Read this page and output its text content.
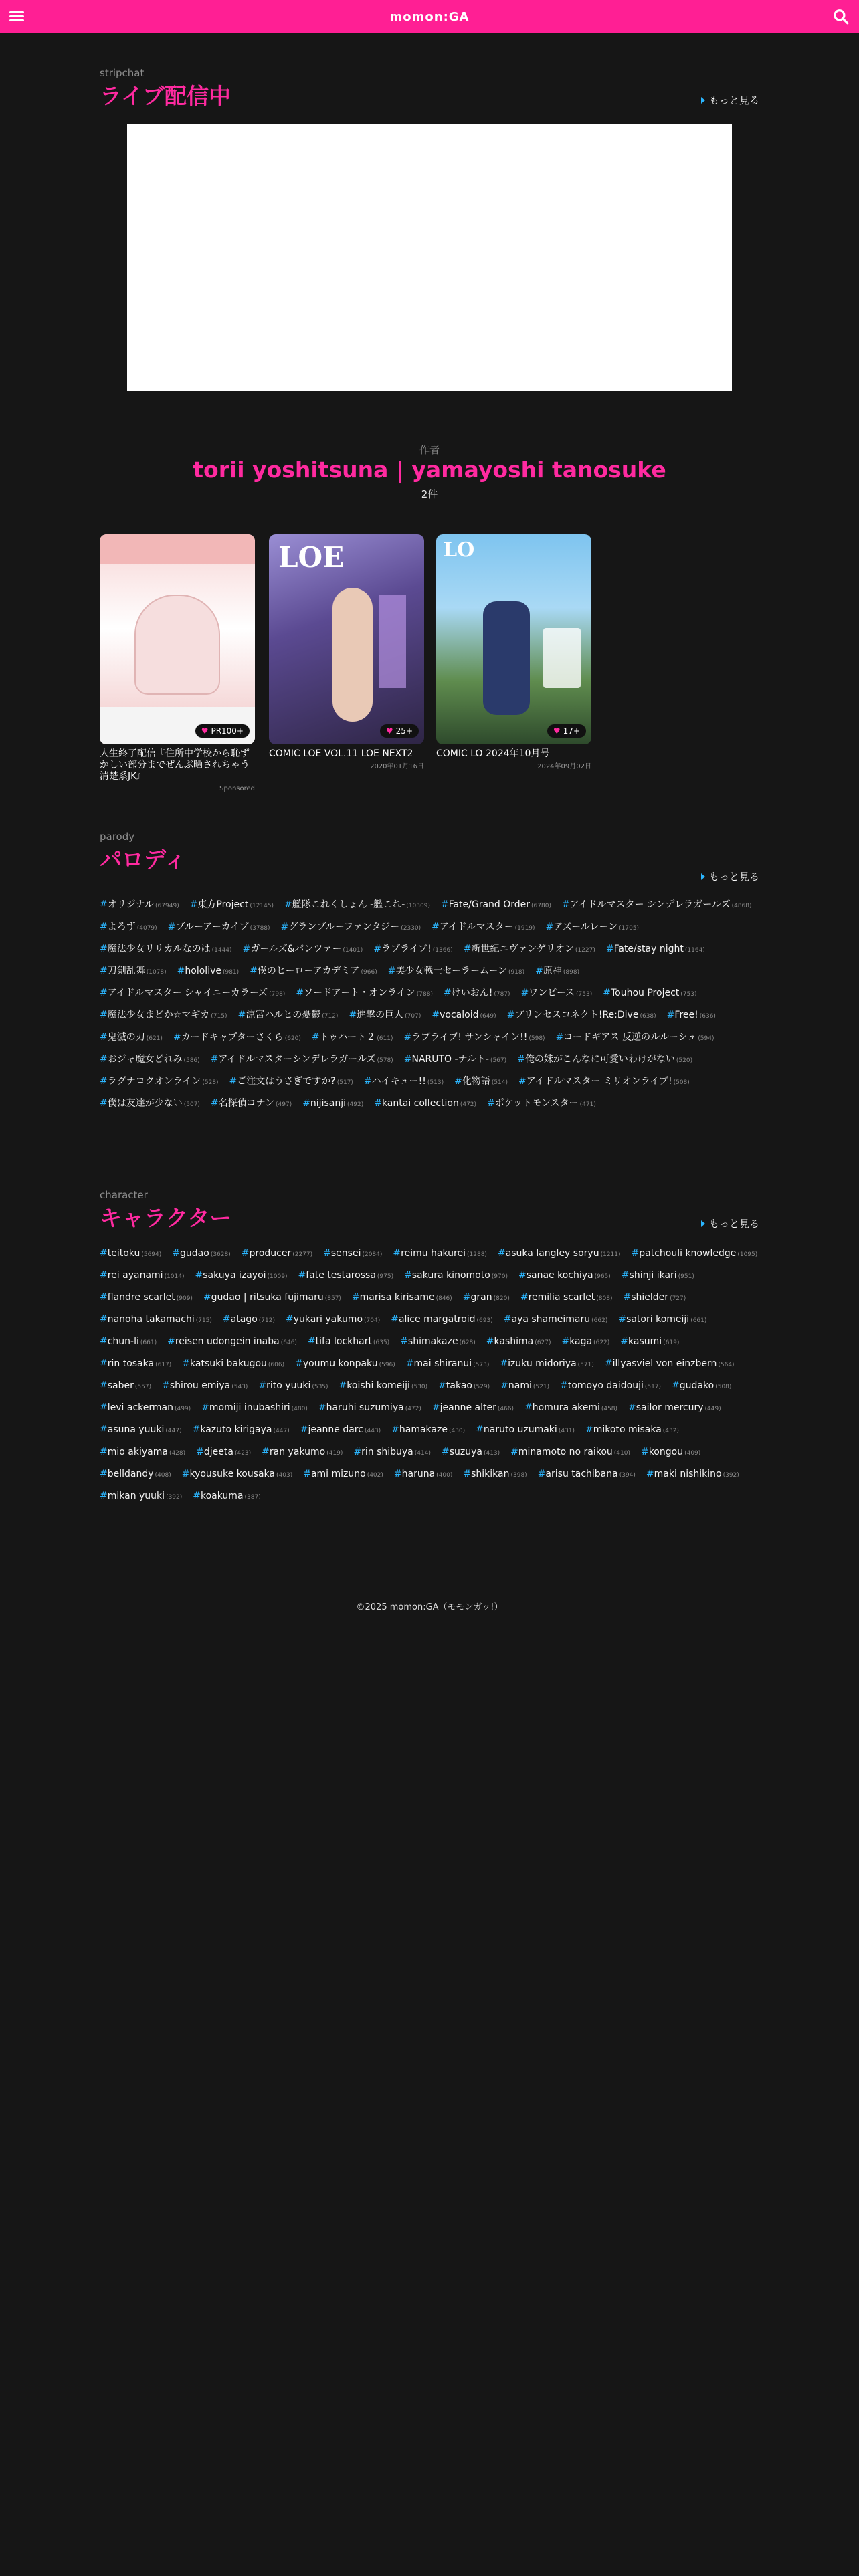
momon:GA
stripchat
ライブ配信中	もっと見る
作者
torii yoshitsuna | yamayoshi tanosuke
2件
♥ PR100+
人生終了配信『住所中学校から恥ずかしい部分までぜんぶ晒されちゃう清楚系JK』
Sponsored
LOE
♥ 25+
COMIC LOE VOL.11 LOE NEXT2
2020年01月16日
LO
♥ 17+
COMIC LO 2024年10月号
2024年09月02日
parody
パロディ
もっと見る
#オリジナル (67949) #東方Project (12145) #艦隊これくしょん -艦これ- (10309) #Fate/Grand Order (6780) #アイドルマスター シンデレラガールズ (4868)
#よろず (4079) #ブルーアーカイブ (3788) #グランブルーファンタジー (2330) #アイドルマスター (1919) #アズールレーン (1705)
#魔法少女リリカルなのは (1444) #ガールズ&パンツァー (1401) #ラブライブ! (1366) #新世紀エヴァンゲリオン (1227) #Fate/stay night (1164)
#刀剣乱舞 (1078) #hololive (981) #僕のヒーローアカデミア (966) #美少女戦士セーラームーン (918) #原神 (898)
#アイドルマスター シャイニーカラーズ (798) #ソードアート・オンライン (788) #けいおん! (787) #ワンピース (753) #Touhou Project (753)
#魔法少女まどか☆マギカ (715) #涼宮ハルヒの憂鬱 (712) #進撃の巨人 (707) #vocaloid (649) #プリンセスコネクト!Re:Dive (638) #Free! (636)
#鬼滅の刃 (621) #カードキャプターさくら (620) #トゥハート２ (611) #ラブライブ! サンシャイン!! (598) #コードギアス 反逆のルルーシュ (594)
#おジャ魔女どれみ (586) #アイドルマスターシンデレラガールズ (578) #NARUTO -ナルト- (567) #俺の妹がこんなに可愛いわけがない (520)
#ラグナロクオンライン (528) #ご注文はうさぎですか? (517) #ハイキュー!! (513) #化物語 (514) #アイドルマスター ミリオンライブ! (508)
#僕は友達が少ない (507) #名探偵コナン (497) #nijisanji (492) #kantai collection (472) #ポケットモンスター (471)
character
キャラクター	もっと見る
#teitoku (5694) #gudao (3628) #producer (2277) #sensei (2084) #reimu hakurei (1288) #asuka langley soryu (1211) #patchouli knowledge (1095)
#rei ayanami (1014) #sakuya izayoi (1009) #fate testarossa (975) #sakura kinomoto (970) #sanae kochiya (965) #shinji ikari (951)
#flandre scarlet (909) #gudao | ritsuka fujimaru (857) #marisa kirisame (846) #gran (820) #remilia scarlet (808) #shielder (727)
#nanoha takamachi (715) #atago (712) #yukari yakumo (704) #alice margatroid (693) #aya shameimaru (662) #satori komeiji (661)
#chun-li (661) #reisen udongein inaba (646) #tifa lockhart (635) #shimakaze (628) #kashima (627) #kaga (622) #kasumi (619)
#rin tosaka (617) #katsuki bakugou (606) #youmu konpaku (596) #mai shiranui (573) #izuku midoriya (571) #illyasviel von einzbern (564)
#saber (557) #shirou emiya (543) #rito yuuki (535) #koishi komeiji (530) #takao (529) #nami (521) #tomoyo daidouji (517) #gudako (508)
#levi ackerman (499) #momiji inubashiri (480) #haruhi suzumiya (472) #jeanne alter (466) #homura akemi (458) #sailor mercury (449)
#asuna yuuki (447) #kazuto kirigaya (447) #jeanne darc (443) #hamakaze (430) #naruto uzumaki (431) #mikoto misaka (432)
#mio akiyama (428) #djeeta (423) #ran yakumo (419) #rin shibuya (414) #suzuya (413) #minamoto no raikou (410) #kongou (409)
#belldandy (408) #kyousuke kousaka (403) #ami mizuno (402) #haruna (400) #shikikan (398) #arisu tachibana (394) #maki nishikino (392)
#mikan yuuki (392) #koakuma (387)
©2025 momon:GA（モモンガッ!）
